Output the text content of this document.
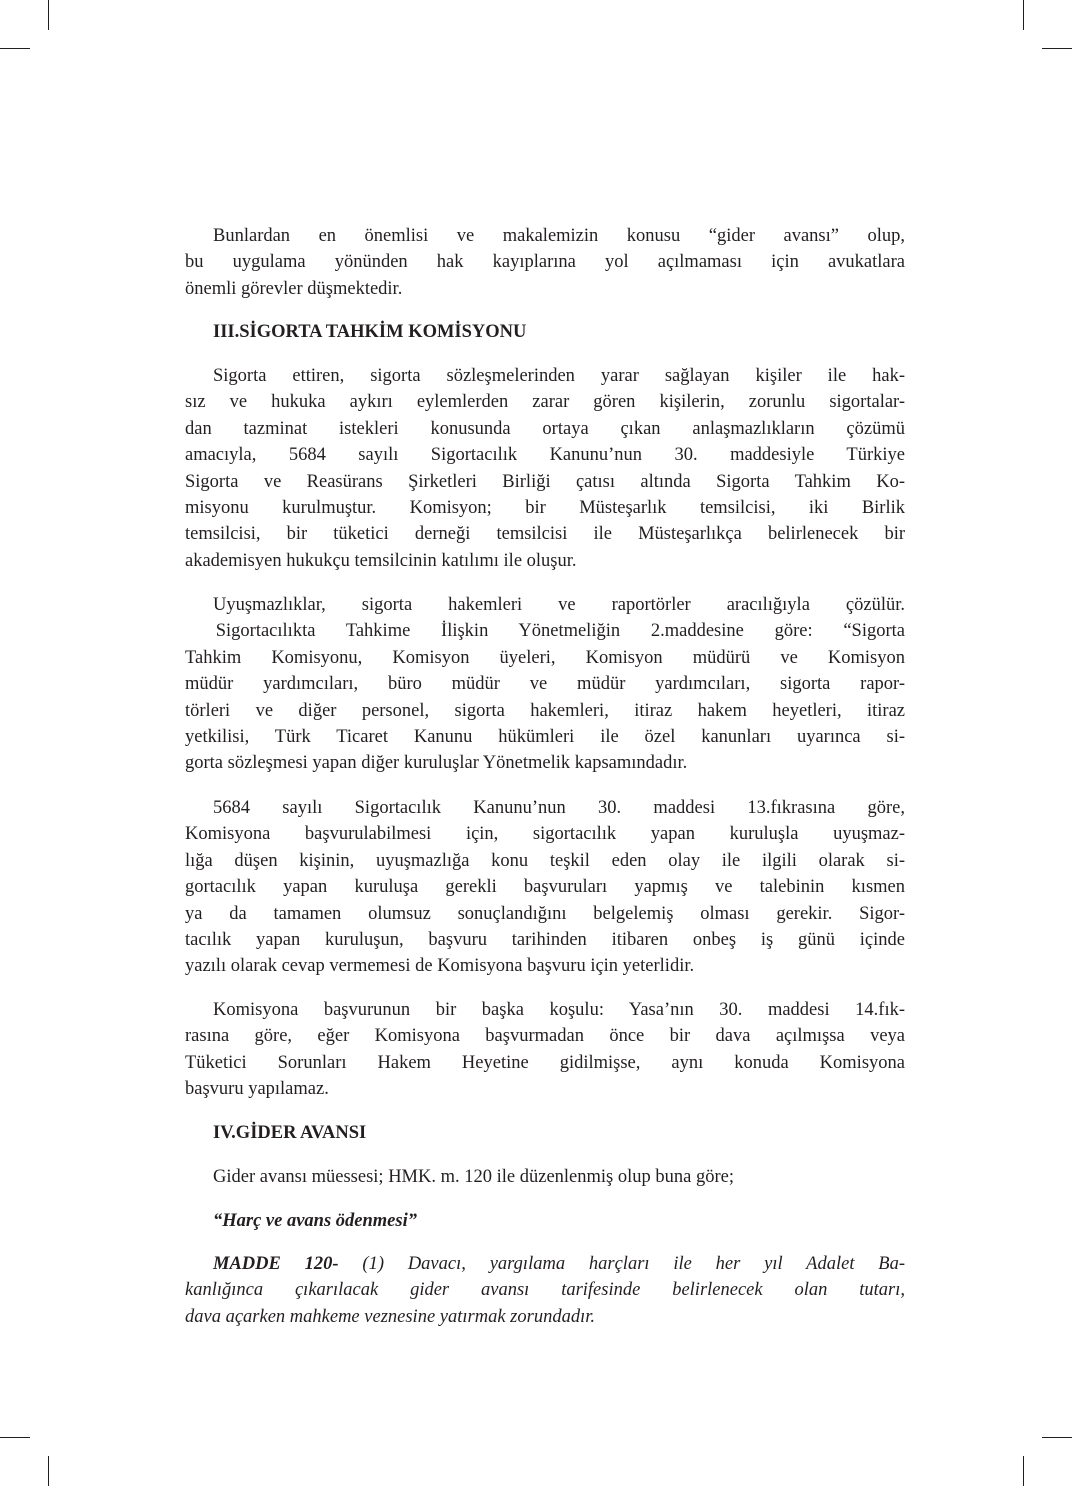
Bunlardan en önemlisi ve makalemizin konusu “gider avansı” olup,
bu uygulama yönünden hak kayıplarına yol açılmaması için avukatlara
önemli görevler düşmektedir.
III.SİGORTA TAHKİM KOMİSYONU
Sigorta ettiren, sigorta sözleşmelerinden yarar sağlayan kişiler ile hak-
sız ve hukuka aykırı eylemlerden zarar gören kişilerin, zorunlu sigortalar-
dan tazminat istekleri konusunda ortaya çıkan anlaşmazlıkların çözümü
amacıyla, 5684 sayılı Sigortacılık Kanunu’nun 30. maddesiyle Türkiye
Sigorta ve Reasürans Şirketleri Birliği çatısı altında Sigorta Tahkim Ko-
misyonu kurulmuştur. Komisyon; bir Müsteşarlık temsilcisi, iki Birlik
temsilcisi, bir tüketici derneği temsilcisi ile Müsteşarlıkça belirlenecek bir
akademisyen hukukçu temsilcinin katılımı ile oluşur.
Uyuşmazlıklar, sigorta hakemleri ve raportörler aracılığıyla çözülür.
Sigortacılıkta Tahkime İlişkin Yönetmeliğin 2.maddesine göre: “Sigorta
Tahkim Komisyonu, Komisyon üyeleri, Komisyon müdürü ve Komisyon
müdür yardımcıları, büro müdür ve müdür yardımcıları, sigorta rapor-
törleri ve diğer personel, sigorta hakemleri, itiraz hakem heyetleri, itiraz
yetkilisi, Türk Ticaret Kanunu hükümleri ile özel kanunları uyarınca si-
gorta sözleşmesi yapan diğer kuruluşlar Yönetmelik kapsamındadır.
5684 sayılı Sigortacılık Kanunu’nun 30. maddesi 13.fıkrasına göre,
Komisyona başvurulabilmesi için, sigortacılık yapan kuruluşla uyuşmaz-
lığa düşen kişinin, uyuşmazlığa konu teşkil eden olay ile ilgili olarak si-
gortacılık yapan kuruluşa gerekli başvuruları yapmış ve talebinin kısmen
ya da tamamen olumsuz sonuçlandığını belgelemiş olması gerekir. Sigor-
tacılık yapan kuruluşun, başvuru tarihinden itibaren onbeş iş günü içinde
yazılı olarak cevap vermemesi de Komisyona başvuru için yeterlidir.
Komisyona başvurunun bir başka koşulu: Yasa’nın 30. maddesi 14.fık-
rasına göre, eğer Komisyona başvurmadan önce bir dava açılmışsa veya
Tüketici Sorunları Hakem Heyetine gidilmişse, aynı konuda Komisyona
başvuru yapılamaz.
IV.GİDER AVANSI
Gider avansı müessesi; HMK. m. 120 ile düzenlenmiş olup buna göre;
“Harç ve avans ödenmesi”
MADDE 120- (1) Davacı, yargılama harçları ile her yıl Adalet Ba-
kanlığınca çıkarılacak gider avansı tarifesinde belirlenecek olan tutarı,
dava açarken mahkeme veznesine yatırmak zorundadır.
